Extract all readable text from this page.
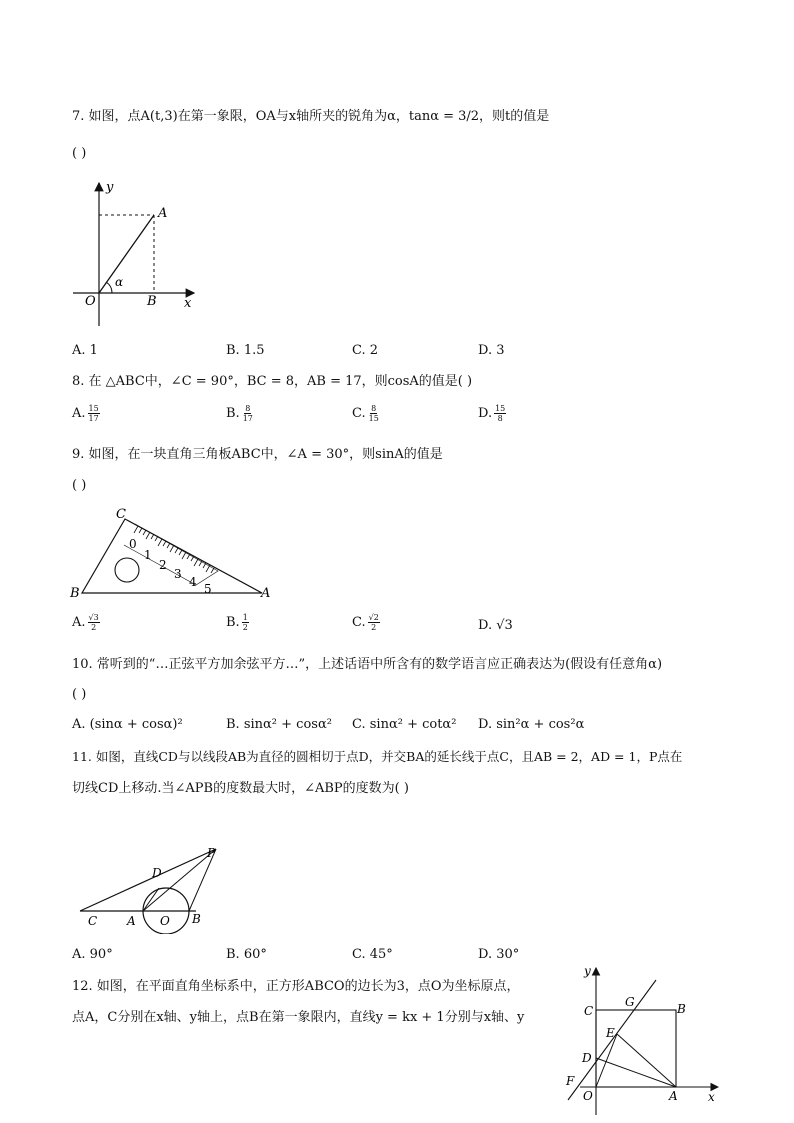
7. 如图，点A(t,3)在第一象限，OA与x轴所夹的锐角为α，tanα = 3/2，则t的值是
( )
y
A
α
O	B x
A. 1	B. 1.5	C. 2	D. 3
8. 在 △ABC中，∠C = 90°，BC = 8，AB = 17，则cosA的值是( )
A. $\frac{15}{17}$	B. $\frac{8}{17}$	C. $\frac{8}{15}$	D. $\frac{15}{8}$
9. 如图，在一块直角三角板ABC中，∠A = 30°，则sinA的值是
( )
0
1
2
3
4 5
C
B	A
A. $\frac{√3}{2}$	B. $\frac{1}{2}$	C. $\frac{√2}{2}$	D. √3
10. 常听到的“…正弦平方加余弦平方…”，上述话语中所含有的数学语言应正确表达为(假设有任意角α)
( )
A. (sinα + cosα)²	B. sinα² + cosα² C. sinα² + cotα² D. sin²α + cos²α
11. 如图，直线CD与以线段AB为直径的圆相切于点D，并交BA的延长线于点C，且AB = 2，AD = 1，P点在
切线CD上移动.当∠APB的度数最大时，∠ABP的度数为( )
P
D
C A O B
A. 90°	B. 60°	C. 45°	D. 30°
12. 如图，在平面直角坐标系中，正方形ABCO的边长为3，点O为坐标原点，
点A，C分别在x轴、y轴上，点B在第一象限内，直线y = kx + 1分别与x轴、y
y
C
G	B
E
D
F
O	A	x
